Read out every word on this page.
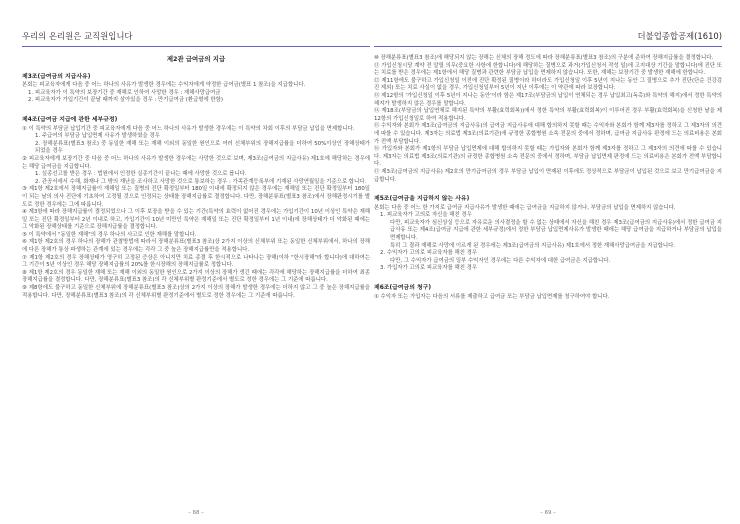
우리의 온리원은 교직원입니다
제2관 급여금의 지급
제3조(급여금의 지급사유)

본회는 피교육자에게 다음 중 어느 하나의 사유가 발생한 경우에는 수익자에게 약정한 급여금(별표 1 참조)을 지급합니다.

1. 피교육자가 이 특약의 보장기간 중 재해로 인하여 사망한 경우 : 재해사망급여금

2. 피교육자가 가입기간이 끝날 때까지 살아있을 경우 : 만기급여금 (환급형에 한함)

제4조(급여금 지급에 관한 세부규정)

① 이 특약의 부담금 납입기간 중 피교육자에게 다음 중 어느 하나의 사유가 발생한 경우에는 이 특약의 차회 이후의 부담금 납입을 면제합니다.

1. 주급여의 부담금 납입면제 사유가 발생하였을 경우

2. 장해분류표(별표3 참조) 중 동일한 재해 또는 재해 이외의 동일한 원인으로 여러 신체부위의 장해지급률을 더하여 50%이상인 장해상태가 되었을 경우

② 피교육자에게 보장기간 중 다음 중 어느 하나의 사유가 발생한 경우에는 사망한 것으로 보며, 제3조(급여금의 지급사유) 제1호에 해당하는 경우에는 해당 급여금을 지급합니다.

1. 실종선고를 받은 경우 : 법원에서 인정한 실종기간이 끝나는 때에 사망한 것으로 봅니다.

2. 관공서에서 수해, 화재나 그 밖의 재난을 조사하고 사망한 것으로 통보하는 경우 : 가족관계등록부에 기재된 사망연월일을 기준으로 합니다.

③ 제1항 제2호에서 장해지급률이 재해일 또는 질병의 진단 확정일부터 180일 이내에 확정되지 않은 경우에는 재해일 또는 진단 확정일부터 180일이 되는 날의 의사 진단에 기초하여 고정될 것으로 인정되는 상태를 장해지급률로 결정합니다. 다만, 장해분류표(별표3 참조)에서 장해판정시기를 별도로 정한 경우에는 그에 따릅니다.

④ 제3항에 따라 장해지급률이 결정되었으나 그 이후 보장을 받을 수 있는 기간(특약의 효력이 없어진 경우에는 가입기간이 10년 이상인 특약은 재해일 또는 진단 확정일부터 2년 이내로 하고, 가입기간이 10년 미만인 특약은 재해일 또는 진단 확정일부터 1년 이내)에 장해상태가 더 악화된 때에는 그 악화된 장해상태를 기준으로 장해지급률을 결정합니다.

⑤ 이 특약에서 "동일한 재해"의 경우 하나의 사고로 인한 재해를 말합니다.

⑥ 제1항 제2호의 경우 하나의 장해가 관찰방법에 따라서 장해분류표(별표3 참조)상 2가지 이상의 신체부위 또는 동일한 신체부위에서, 하나의 장해에 다른 장해가 통상 파생하는 관계에 있는 경우에는 각각 그 중 높은 장해지급률만을 적용합니다.

⑦ 제1항 제2호의 경우 장해상태가 영구히 고정된 증상은 아니지만 치료 종결 후 한시적으로 나타나는 장해(이하 "한시장해"라 합니다)에 대하여는 그 기간이 5년 이상인 경우 해당 장해지급률의 20%를 한시장해의 장해지급률로 정합니다.

⑧ 제1항 제2호의 경우 동일한 재해 또는 재해 이외의 동일한 원인으로 2가지 이상의 장해가 생긴 때에는 각각에 해당하는 장해지급률을 더하여 최종 장해지급률을 결정합니다. 다만, 장해분류표(별표3 참조)의 각 신체부위별 판정기준에서 별도로 정한 경우에는 그 기준에 따릅니다.

⑨ 제8항에도 불구하고 동일한 신체부위에 장해분류표(별표3 참조)상의 2가지 이상의 장해가 발생한 경우에는 더하지 않고 그 중 높은 장해지급률을 적용합니다. 다만, 장해분류표(별표3 참조)의 각 신체부위별 판정기준에서 별도로 정한 경우에는 그 기준에 따릅니다.

– 68 –
더불업종합공제(1610)

⑩ 장해분류표(별표3 참조)에 해당되지 않는 장해는 신체의 장해 정도에 따라 장해분류표(별표3 참조)의 구분에 준하여 장해지급률을 결정합니다.

⑪ 가입신청시당 계약 전 알릴 의무(중요한 사항에 한합니다)에 해당하는 질병으로 과거(가입신청서 작성 일)에 고지대상 기간을 말합니다)에 진단 또는 치료를 받은 경우에는 제1항에서 해당 질병과 관련한 부담금 납입을 면제하지 않습니다. 또한, 재해는 보장기간 중 발생한 재해에 한합니다.

⑫ 제11항에도 불구하고 가입신청일 이전에 진단 확정된 질병이라 하더라도 가입신청일 이후 5년이 지나는 동안 그 질병으로 추가 진단(단순 건강검진 제외) 또는 치료 사실이 없을 경우, 가입신청일부터 5년이 지난 이후에는 이 약관에 따라 보장합니다.

⑬ 제12항의 '가입신청일 이후 5년이 지나는 동안'이라 함은 제17조(부담금의 납입이 연체되는 경우 납입최고(독촉)와 특약의 해지)에서 정한 특약의 해지가 발생하지 않은 경우를 말합니다.

⑭ 제18조(부담금의 납입연체로 해지된 특약의 부활(효력회복))에서 정한 특약의 부활(효력회복)이 이루어진 경우 부활(효력회복)을 신청한 날을 제12항의 가입신청일로 하여 적용합니다.

⑮ 수익자와 본회가 제3조(급여금의 지급사유)의 급여금 지급사유에 대해 합의하지 못할 때는 수익자와 본회가 함께 제3자를 정하고 그 제3자의 의견에 따를 수 있습니다. 제3자는 의료법 제3조(의료기관)에 규정한 종합병원 소속 전문의 중에서 정하며, 급여금 지급사유 판정에 드는 의료비용은 본회가 전액 부담합니다.

⑯ 가입자와 본회가 제1항의 부담금 납입면제에 대해 합의하지 못할 때는 가입자와 본회가 함께 제3자를 정하고 그 제3자의 의견에 따를 수 있습니다. 제3자는 의료법 제3조(의료기관)의 규정한 종합병원 소속 전문의 중에서 정하며, 부담금 납입면제 판정에 드는 의료비용은 본회가 전액 부담합니다.

⑰ 제3조(급여금의 지급사유) 제2호의 만기급여금의 경우 부담금 납입이 면제된 이후에도 정상적으로 부담금이 납입된 것으로 보고 만기급여금을 지급합니다.

제5조(급여금을 지급하지 않는 사유)

본회는 다음 중 어느 한 가지로 급여금 지급사유가 발생한 때에는 급여금을 지급하지 않거나, 부담금의 납입을 면제하지 않습니다.

1. 피교육자가 고의로 자신을 해친 경우

다만, 피교육자가 심신상실 등으로 자유로운 의사결정을 할 수 없는 상태에서 자신을 해친 경우 제3조(급여금의 지급사유)에서 정한 급여금 지급사유 또는 제4조(급여금 지급에 관한 세부규정)에서 정한 부담금 납입면제사유가 발생한 때에는 해당 급여금을 지급하거나 부담금의 납입을 면제합니다.

특히 그 결과 재해로 사망에 이르게 된 경우에는 제3조(급여금의 지급사유) 제1호에서 정한 재해사망급여금을 지급합니다.

2. 수익자가 고의로 피교육자를 해친 경우

다만, 그 수익자가 급여금의 일부 수익자인 경우에는 다른 수익자에 대한 급여금은 지급합니다.

3. 가입자가 고의로 피교육자를 해친 경우

제6조(급여금의 청구)

① 수익자 또는 가입자는 다음의 서류를 제출하고 급여금 또는 부담금 납입면제를 청구하여야 합니다.

– 69 –
